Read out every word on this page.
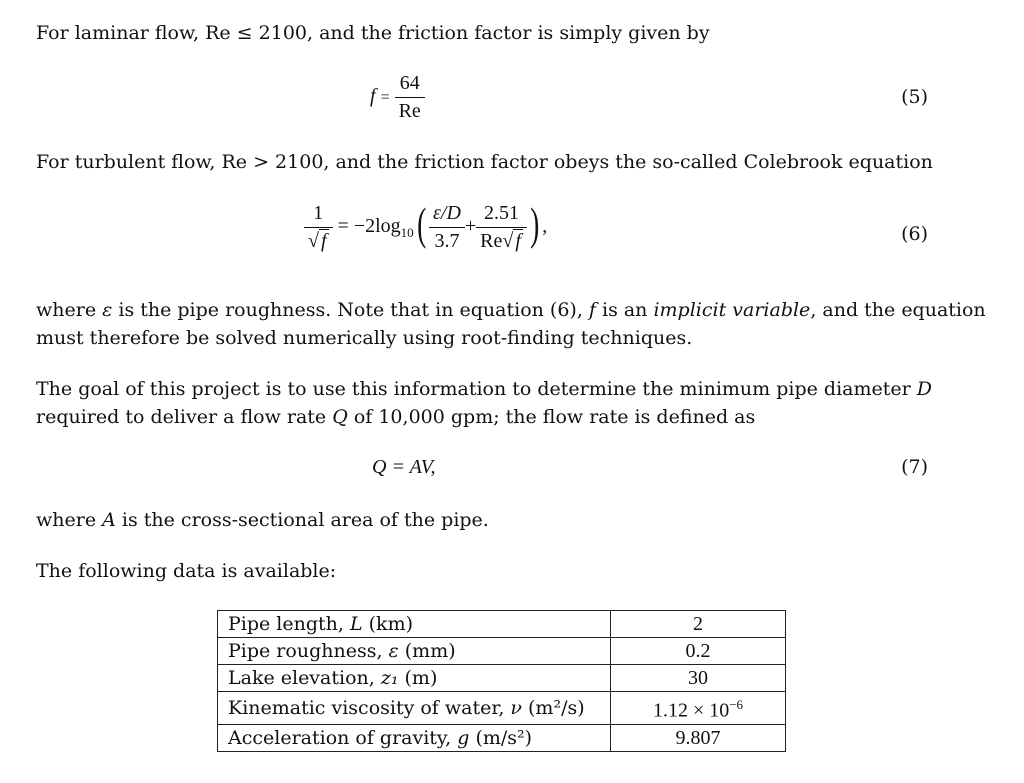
For laminar flow, Re ≤ 2100, and the friction factor is simply given by
$f = \frac{64}{Re}$	(5)
For turbulent flow, Re > 2100, and the friction factor obeys the so-called Colebrook equation
$\frac{1}{√ f} = -2\log_{10}( \frac{\varepsilon/D}{3.7} + \frac{2.51}{Re√ f}$ ) ,	(6)
where ε is the pipe roughness. Note that in equation (6), f is an implicit variable, and the equation
must therefore be solved numerically using root-finding techniques.
The goal of this project is to use this information to determine the minimum pipe diameter D
required to deliver a flow rate Q of 10,000 gpm; the flow rate is defined as
Q = AV,	(7)
where A is the cross-sectional area of the pipe.
The following data is available:
Pipe length, L (km)	2
Pipe roughness, ε (mm)	0.2
Lake elevation, z₁ (m)	30
Kinematic viscosity of water, ν (m²/s)	$1.12 \times 10^{-6}$
Acceleration of gravity, g (m/s²)	9.807
